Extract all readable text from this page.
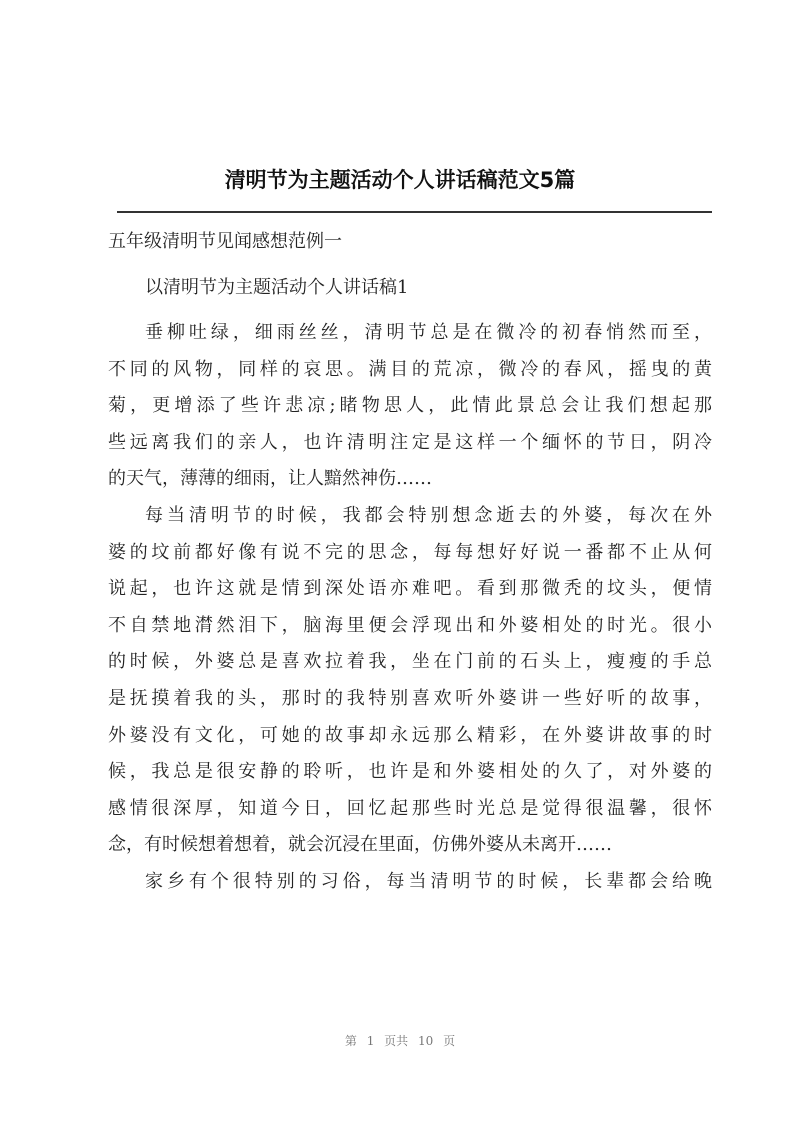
清明节为主题活动个人讲话稿范文5篇
五年级清明节见闻感想范例一
以清明节为主题活动个人讲话稿1
垂柳吐绿，细雨丝丝，清明节总是在微冷的初春悄然而至，
不同的风物，同样的哀思。满目的荒凉，微冷的春风，摇曳的黄
菊，更增添了些许悲凉;睹物思人，此情此景总会让我们想起那
些远离我们的亲人，也许清明注定是这样一个缅怀的节日，阴冷
的天气，薄薄的细雨，让人黯然神伤……
每当清明节的时候，我都会特别想念逝去的外婆，每次在外
婆的坟前都好像有说不完的思念，每每想好好说一番都不止从何
说起，也许这就是情到深处语亦难吧。看到那微秃的坟头，便情
不自禁地潸然泪下，脑海里便会浮现出和外婆相处的时光。很小
的时候，外婆总是喜欢拉着我，坐在门前的石头上，瘦瘦的手总
是抚摸着我的头，那时的我特别喜欢听外婆讲一些好听的故事，
外婆没有文化，可她的故事却永远那么精彩，在外婆讲故事的时
候，我总是很安静的聆听，也许是和外婆相处的久了，对外婆的
感情很深厚，知道今日，回忆起那些时光总是觉得很温馨，很怀
念，有时候想着想着，就会沉浸在里面，仿佛外婆从未离开……
家乡有个很特别的习俗，每当清明节的时候，长辈都会给晚
第 1 页共 10 页
